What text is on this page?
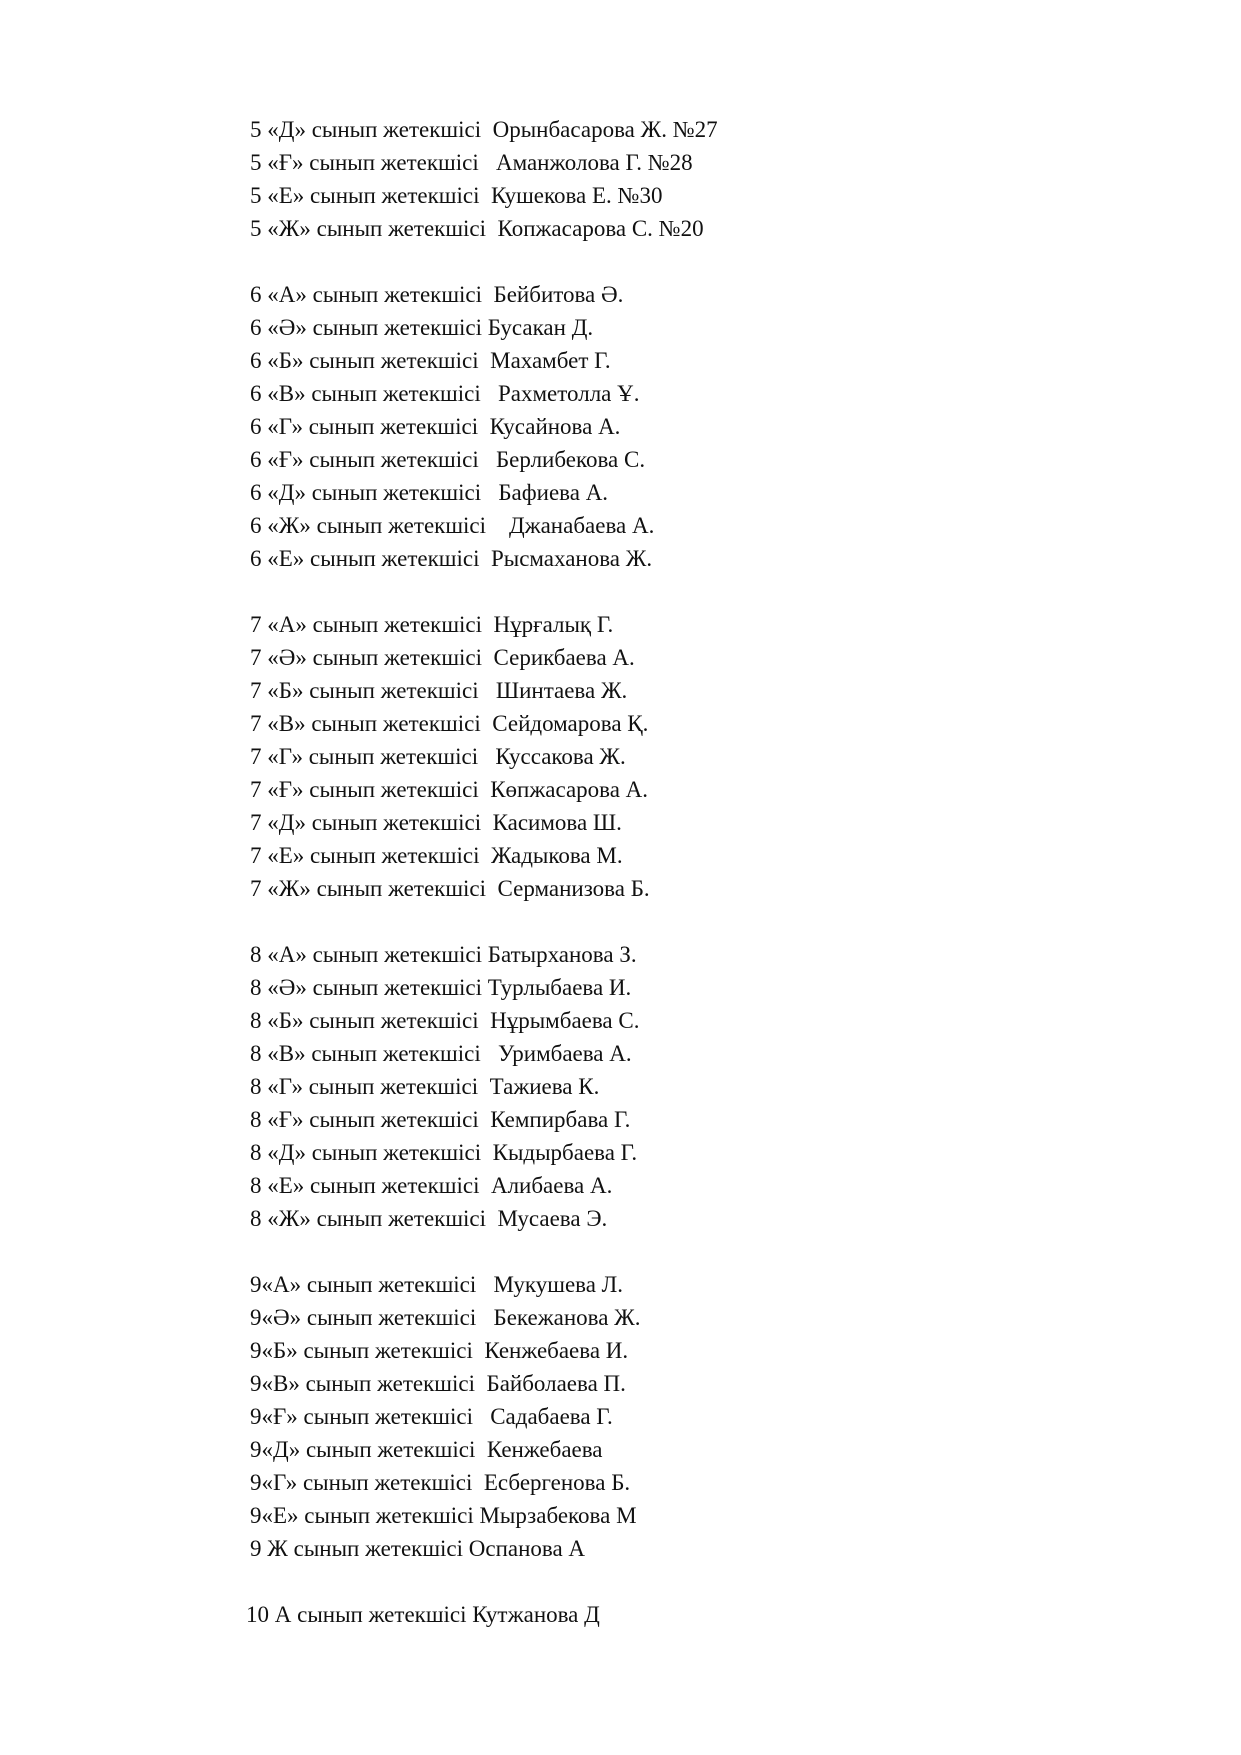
5 «Д» сынып жетекшісі  Орынбасарова Ж. №27
5 «Ғ» сынып жетекшісі   Аманжолова Г. №28
5 «Е» сынып жетекшісі  Кушекова Е. №30
5 «Ж» сынып жетекшісі  Копжасарова С. №20
6 «А» сынып жетекшісі  Бейбитова Ә.
6 «Ә» сынып жетекшісі Бусакан Д.
6 «Б» сынып жетекшісі  Махамбет Г.
6 «В» сынып жетекшісі   Рахметолла Ұ.
6 «Г» сынып жетекшісі  Кусайнова А.
6 «Ғ» сынып жетекшісі   Берлибекова С.
6 «Д» сынып жетекшісі   Бафиева А.
6 «Ж» сынып жетекшісі    Джанабаева А.
6 «Е» сынып жетекшісі  Рысмаханова Ж.
7 «А» сынып жетекшісі  Нұрғалық Г.
7 «Ә» сынып жетекшісі  Серикбаева А.
7 «Б» сынып жетекшісі   Шинтаева Ж.
7 «В» сынып жетекшісі  Сейдомарова Қ.
7 «Г» сынып жетекшісі   Куссакова Ж.
7 «Ғ» сынып жетекшісі  Көпжасарова А.
7 «Д» сынып жетекшісі  Касимова Ш.
7 «Е» сынып жетекшісі  Жадыкова М.
7 «Ж» сынып жетекшісі  Серманизова Б.
8 «А» сынып жетекшісі Батырханова З.
8 «Ә» сынып жетекшісі Турлыбаева И.
8 «Б» сынып жетекшісі  Нұрымбаева С.
8 «В» сынып жетекшісі   Уримбаева А.
8 «Г» сынып жетекшісі  Тажиева К.
8 «Ғ» сынып жетекшісі  Кемпирбава Г.
8 «Д» сынып жетекшісі  Кыдырбаева Г.
8 «Е» сынып жетекшісі  Алибаева А.
8 «Ж» сынып жетекшісі  Мусаева Э.
9«А» сынып жетекшісі   Мукушева Л.
9«Ә» сынып жетекшісі   Бекежанова Ж.
9«Б» сынып жетекшісі  Кенжебаева И.
9«В» сынып жетекшісі  Байболаева П.
9«Ғ» сынып жетекшісі   Садабаева Г.
9«Д» сынып жетекшісі  Кенжебаева
9«Г» сынып жетекшісі  Есбергенова Б.
9«Е» сынып жетекшісі Мырзабекова М
9 Ж сынып жетекшісі Оспанова А
10 А сынып жетекшісі Кутжанова Д
